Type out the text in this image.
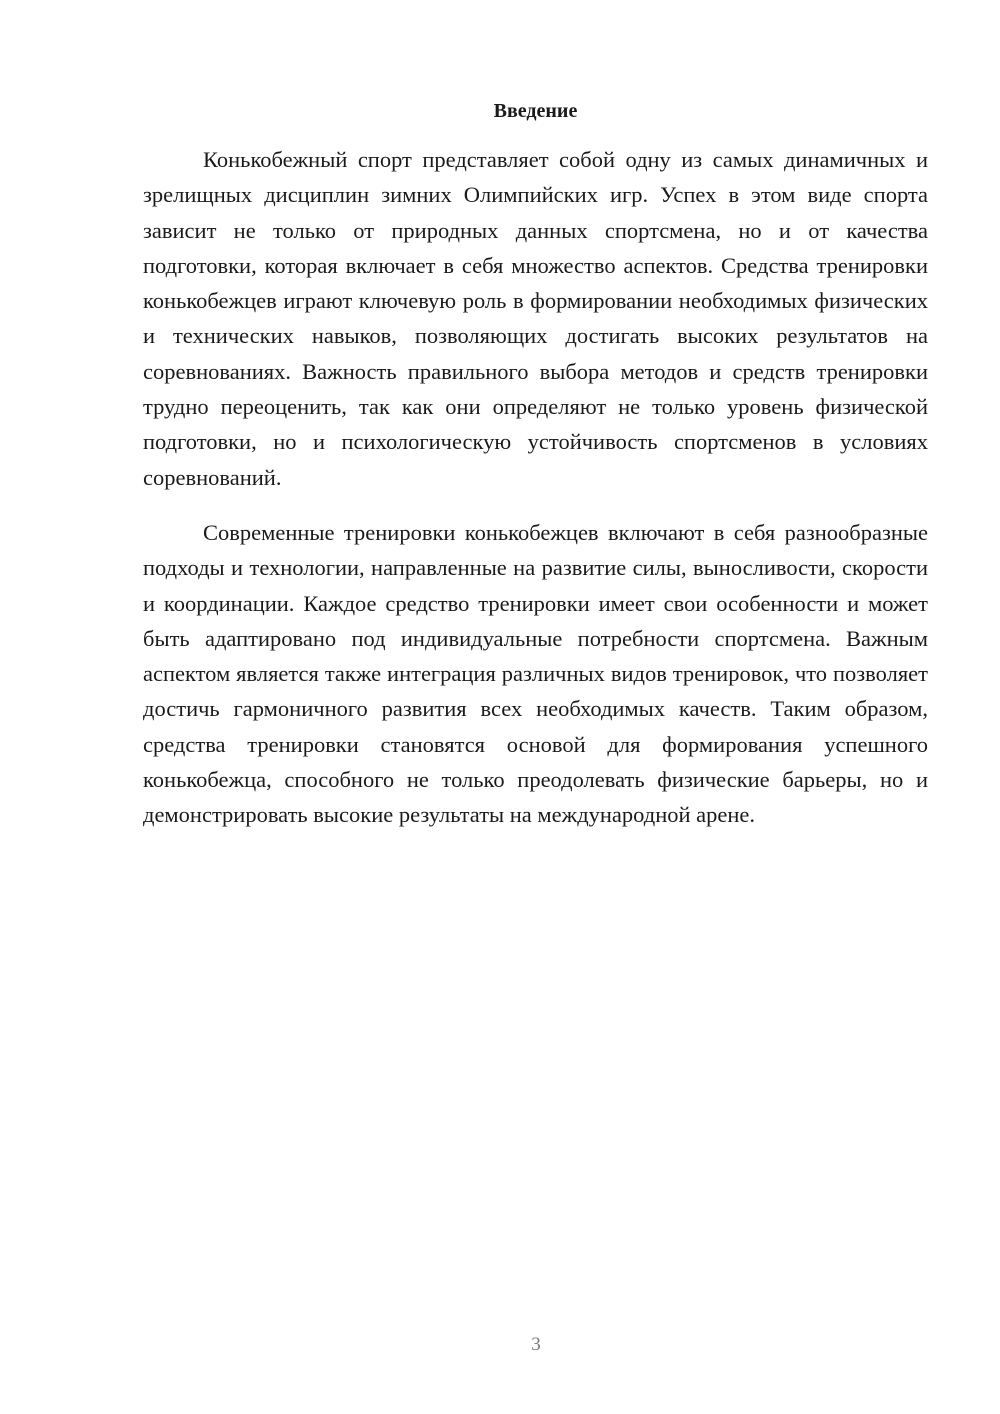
Введение

Конькобежный спорт представляет собой одну из самых динамичных и зрелищных дисциплин зимних Олимпийских игр. Успех в этом виде спорта зависит не только от природных данных спортсмена, но и от качества подготовки, которая включает в себя множество аспектов. Средства тренировки конькобежцев играют ключевую роль в формировании необходимых физических и технических навыков, позволяющих достигать высоких результатов на соревнованиях. Важность правильного выбора методов и средств тренировки трудно переоценить, так как они определяют не только уровень физической подготовки, но и психологическую устойчивость спортсменов в условиях соревнований.

Современные тренировки конькобежцев включают в себя разнообразные подходы и технологии, направленные на развитие силы, выносливости, скорости и координации. Каждое средство тренировки имеет свои особенности и может быть адаптировано под индивидуальные потребности спортсмена. Важным аспектом является также интеграция различных видов тренировок, что позволяет достичь гармоничного развития всех необходимых качеств. Таким образом, средства тренировки становятся основой для формирования успешного конькобежца, способного не только преодолевать физические барьеры, но и демонстрировать высокие результаты на международной арене.

3
